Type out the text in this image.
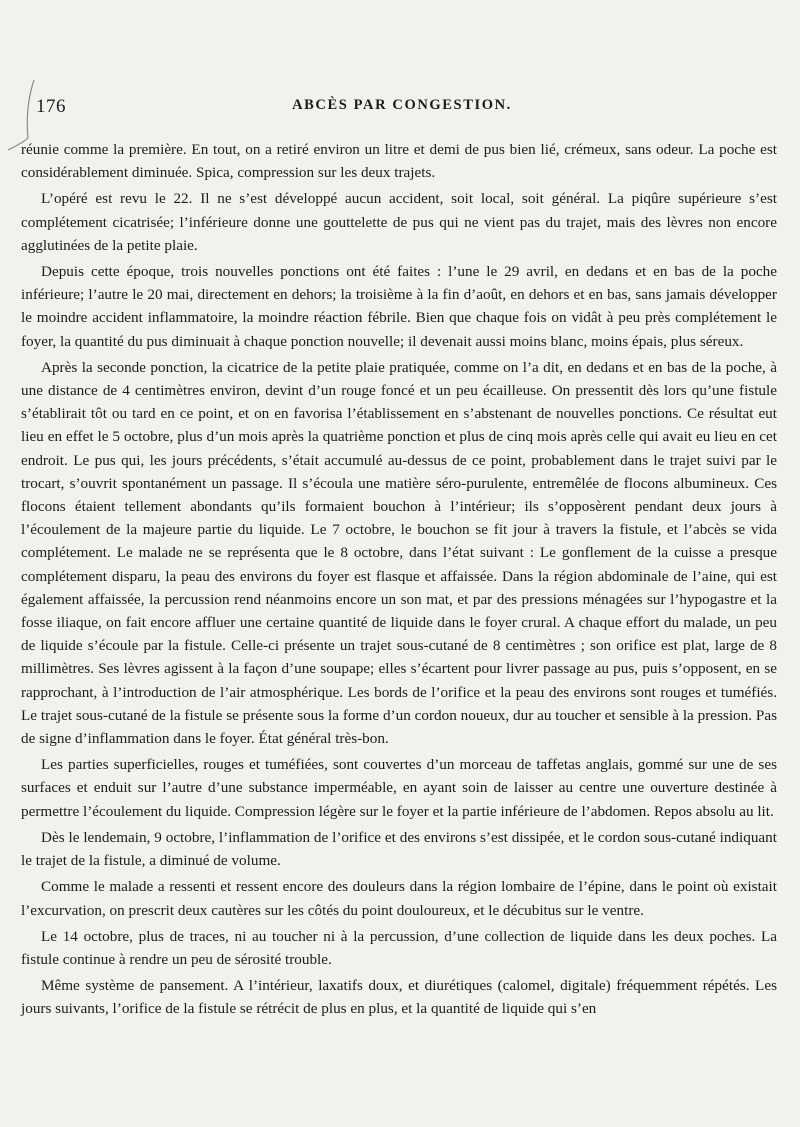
176	ABCÈS PAR CONGESTION.

réunie comme la première. En tout, on a retiré environ un litre et demi de pus bien lié, crémeux, sans odeur. La poche est considérablement diminuée. Spica, compression sur les deux trajets.

L’opéré est revu le 22. Il ne s’est développé aucun accident, soit local, soit général. La piqûre supérieure s’est complétement cicatrisée; l’inférieure donne une gouttelette de pus qui ne vient pas du trajet, mais des lèvres non encore agglutinées de la petite plaie.

Depuis cette époque, trois nouvelles ponctions ont été faites : l’une le 29 avril, en dedans et en bas de la poche inférieure; l’autre le 20 mai, directement en dehors; la troisième à la fin d’août, en dehors et en bas, sans jamais développer le moindre accident inflammatoire, la moindre réaction fébrile. Bien que chaque fois on vidât à peu près complétement le foyer, la quantité du pus diminuait à chaque ponction nouvelle; il devenait aussi moins blanc, moins épais, plus séreux.

Après la seconde ponction, la cicatrice de la petite plaie pratiquée, comme on l’a dit, en dedans et en bas de la poche, à une distance de 4 centimètres environ, devint d’un rouge foncé et un peu écailleuse. On pressentit dès lors qu’une fistule s’établirait tôt ou tard en ce point, et on en favorisa l’établissement en s’abstenant de nouvelles ponctions. Ce résultat eut lieu en effet le 5 octobre, plus d’un mois après la quatrième ponction et plus de cinq mois après celle qui avait eu lieu en cet endroit. Le pus qui, les jours précédents, s’était accumulé au-dessus de ce point, probablement dans le trajet suivi par le trocart, s’ouvrit spontanément un passage. Il s’écoula une matière séro-purulente, entremêlée de flocons albumineux. Ces flocons étaient tellement abondants qu’ils formaient bouchon à l’intérieur; ils s’opposèrent pendant deux jours à l’écoulement de la majeure partie du liquide. Le 7 octobre, le bouchon se fit jour à travers la fistule, et l’abcès se vida complétement. Le malade ne se représenta que le 8 octobre, dans l’état suivant : Le gonflement de la cuisse a presque complétement disparu, la peau des environs du foyer est flasque et affaissée. Dans la région abdominale de l’aine, qui est également affaissée, la percussion rend néanmoins encore un son mat, et par des pressions ménagées sur l’hypogastre et la fosse iliaque, on fait encore affluer une certaine quantité de liquide dans le foyer crural. A chaque effort du malade, un peu de liquide s’écoule par la fistule. Celle-ci présente un trajet sous-cutané de 8 centimètres ; son orifice est plat, large de 8 millimètres. Ses lèvres agissent à la façon d’une soupape; elles s’écartent pour livrer passage au pus, puis s’opposent, en se rapprochant, à l’introduction de l’air atmosphérique. Les bords de l’orifice et la peau des environs sont rouges et tuméfiés. Le trajet sous-cutané de la fistule se présente sous la forme d’un cordon noueux, dur au toucher et sensible à la pression. Pas de signe d’inflammation dans le foyer. État général très-bon.

Les parties superficielles, rouges et tuméfiées, sont couvertes d’un morceau de taffetas anglais, gommé sur une de ses surfaces et enduit sur l’autre d’une substance imperméable, en ayant soin de laisser au centre une ouverture destinée à permettre l’écoulement du liquide. Compression légère sur le foyer et la partie inférieure de l’abdomen. Repos absolu au lit.

Dès le lendemain, 9 octobre, l’inflammation de l’orifice et des environs s’est dissipée, et le cordon sous-cutané indiquant le trajet de la fistule, a diminué de volume.

Comme le malade a ressenti et ressent encore des douleurs dans la région lombaire de l’épine, dans le point où existait l’excurvation, on prescrit deux cautères sur les côtés du point douloureux, et le décubitus sur le ventre.

Le 14 octobre, plus de traces, ni au toucher ni à la percussion, d’une collection de liquide dans les deux poches. La fistule continue à rendre un peu de sérosité trouble.

Même système de pansement. A l’intérieur, laxatifs doux, et diurétiques (calomel, digitale) fréquemment répétés. Les jours suivants, l’orifice de la fistule se rétrécit de plus en plus, et la quantité de liquide qui s’en
